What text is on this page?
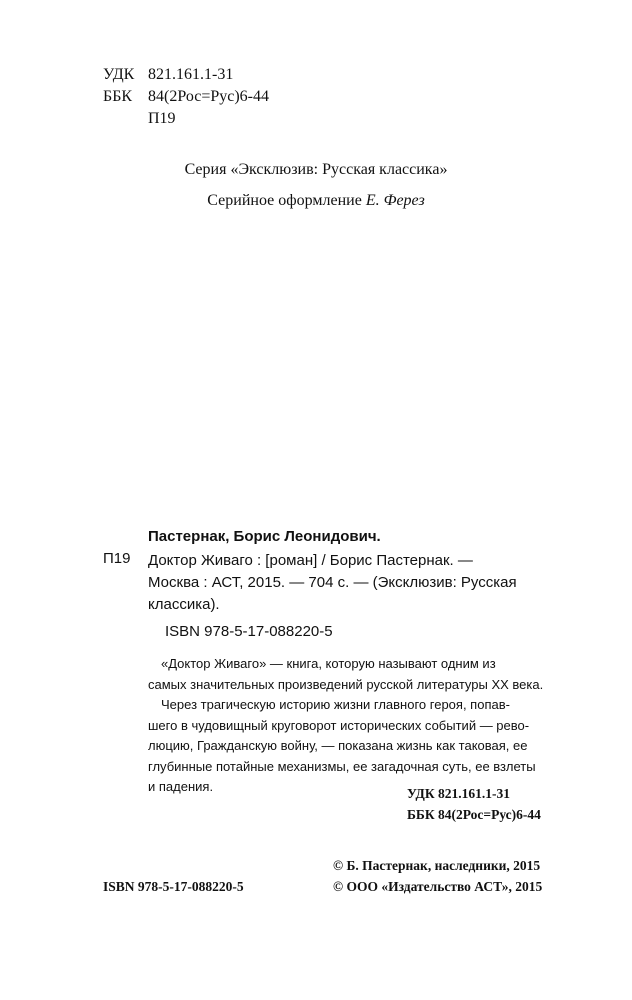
УДК 821.161.1-31
ББК 84(2Рос=Рус)6-44
П19
Серия «Эксклюзив: Русская классика»
Серийное оформление Е. Ферез
Пастернак, Борис Леонидович.
П19 Доктор Живаго : [роман] / Борис Пастернак. —
Москва : АСТ, 2015. — 704 с. — (Эксклюзив: Русская
классика).
ISBN 978-5-17-088220-5
«Доктор Живаго» — книга, которую называют одним из
самых значительных произведений русской литературы XX века.
Через трагическую историю жизни главного героя, попав-
шего в чудовищный круговорот исторических событий — рево-
люцию, Гражданскую войну, — показана жизнь как таковая, ее
глубинные потайные механизмы, ее загадочная суть, ее взлеты
и падения.	УДК 821.161.1-31
ББК 84(2Рос=Рус)6-44
© Б. Пастернак, наследники, 2015
ISBN 978-5-17-088220-5	© ООО «Издательство АСТ», 2015
